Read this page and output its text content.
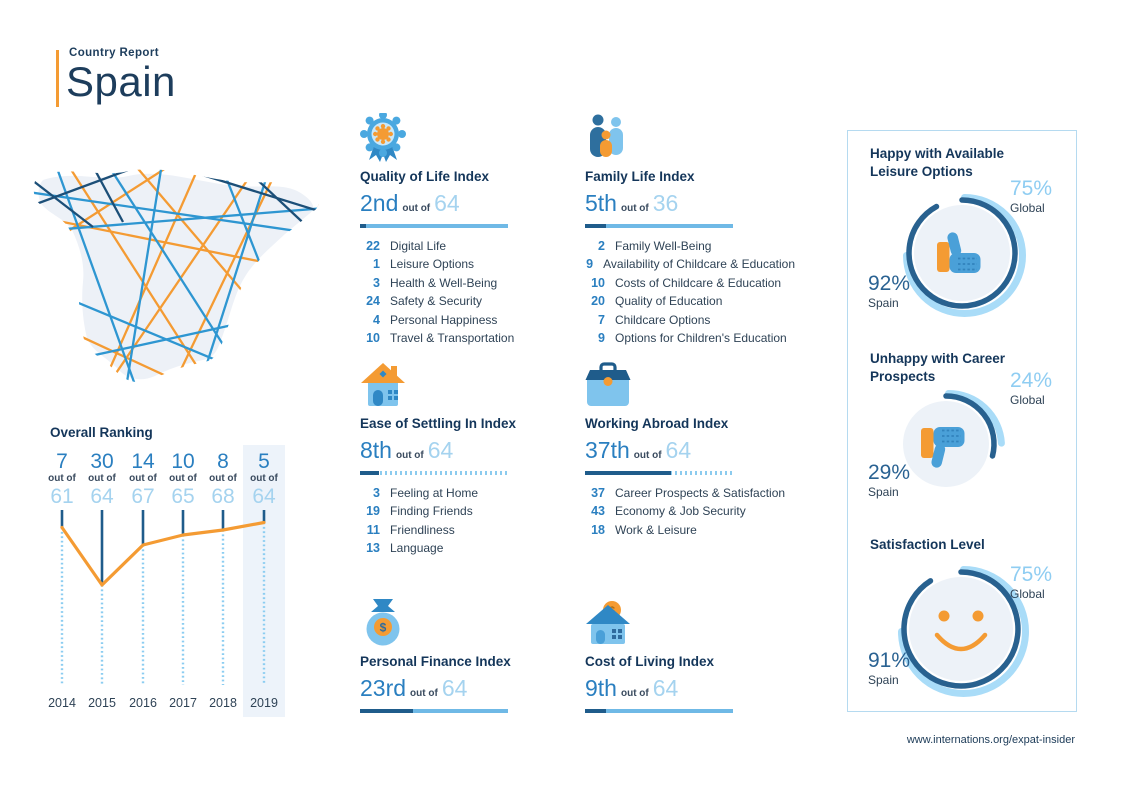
Country Report
Spain
Overall Ranking
7
out of
61
2014
30
out of
64
2015
14
out of
67
2016
10
out of
65
2017
8
out of
68
2018
5
out of
64
2019
Quality of Life Index
2nd out of 64
22 Digital Life
1 Leisure Options
3 Health & Well-Being
24 Safety & Security
4 Personal Happiness
10 Travel & Transportation
Family Life Index
5th out of 36
2 Family Well-Being
9 Availability of Childcare & Education
10 Costs of Childcare & Education
20 Quality of Education
7 Childcare Options
9 Options for Children's Education
Ease of Settling In Index
8th out of 64
3 Feeling at Home
19 Finding Friends
11 Friendliness
13 Language
Working Abroad Index
37th out of 64
37 Career Prospects & Satisfaction
43 Economy & Job Security
18 Work & Leisure
$
Personal Finance Index
23rd out of 64
Cost of Living Index
9th out of 64
Happy with Available Leisure Options
75%
Global
92%
Spain
Unhappy with Career Prospects	24%
Global
29%
Spain
Satisfaction Level
75%
Global
91%
Spain
www.internations.org/expat-insider
